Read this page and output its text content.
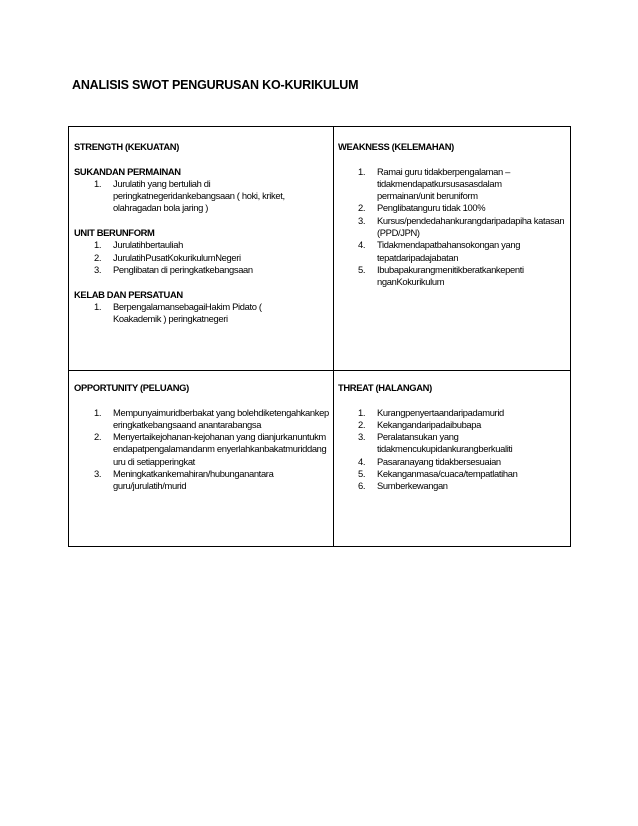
ANALISIS SWOT PENGURUSAN KO-KURIKULUM
STRENGTH (KEKUATAN)
SUKANDAN PERMAINAN
1. Jurulatih yang bertuliah di peringkatnegeridankebangsaan ( hoki, kriket, olahragadan bola jaring )
UNIT BERUNFORM
1. Jurulatihbertauliah
2. JurulatihPusatKokurikulumNegeri
3. Penglibatan di peringkatkebangsaan
KELAB DAN PERSATUAN
1. BerpengalamansebagaiHakim Pidato ( Koakademik ) peringkatnegeri
WEAKNESS (KELEMAHAN)
1. Ramai guru tidakberpengalaman – tidakmendapatkursusasasdalam permainan/unit beruniform
2. Penglibatanguru tidak 100%
3. Kursus/pendedahankurangdaripadapiha katasan (PPD/JPN)
4. Tidakmendapatbahansokongan yang tepatdaripadajabatan
5. Ibubapakurangmenitikberatkankepenti nganKokurikulum
OPPORTUNITY (PELUANG)
1. Mempunyaimuridberbakat yang bolehdiketengahkankeperingkatkebangsaand anantarabangsa
2. Menyertaikejohanan-kejohanan yang dianjurkanuntukmendapatpengalamandanm enyerlahkanbakatmuriddanguru di setiapperingkat
3. Meningkatkankemahiran/hubunganantara guru/jurulatih/murid
THREAT (HALANGAN)
1. Kurangpenyertaandaripadamurid
2. Kekangandaripadaibubapa
3. Peralatansukan yang tidakmencukupidankurangberkualiti
4. Pasaranayang tidakbersesuaian
5. Kekanganmasa/cuaca/tempatlatihan
6. Sumberkewangan
